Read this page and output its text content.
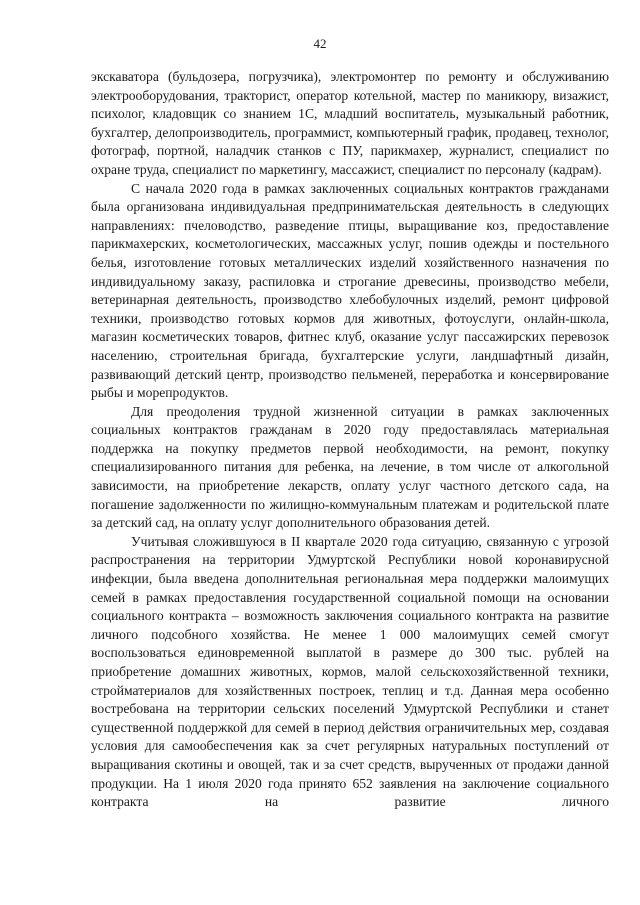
42

экскаватора (бульдозера, погрузчика), электромонтер по ремонту и обслуживанию электрооборудования, тракторист, оператор котельной, мастер по маникюру, визажист, психолог, кладовщик со знанием 1С, младший воспитатель, музыкальный работник, бухгалтер, делопроизводитель, программист, компьютерный график, продавец, технолог, фотограф, портной, наладчик станков с ПУ, парикмахер, журналист, специалист по охране труда, специалист по маркетингу, массажист, специалист по персоналу (кадрам).

С начала 2020 года в рамках заключенных социальных контрактов гражданами была организована индивидуальная предпринимательская деятельность в следующих направлениях: пчеловодство, разведение птицы, выращивание коз, предоставление парикмахерских, косметологических, массажных услуг, пошив одежды и постельного белья, изготовление готовых металлических изделий хозяйственного назначения по индивидуальному заказу, распиловка и строгание древесины, производство мебели, ветеринарная деятельность, производство хлебобулочных изделий, ремонт цифровой техники, производство готовых кормов для животных, фотоуслуги, онлайн-школа, магазин косметических товаров, фитнес клуб, оказание услуг пассажирских перевозок населению, строительная бригада, бухгалтерские услуги, ландшафтный дизайн, развивающий детский центр, производство пельменей, переработка и консервирование рыбы и морепродуктов.

Для преодоления трудной жизненной ситуации в рамках заключенных социальных контрактов гражданам в 2020 году предоставлялась материальная поддержка на покупку предметов первой необходимости, на ремонт, покупку специализированного питания для ребенка, на лечение, в том числе от алкогольной зависимости, на приобретение лекарств, оплату услуг частного детского сада, на погашение задолженности по жилищно-коммунальным платежам и родительской плате за детский сад, на оплату услуг дополнительного образования детей.

Учитывая сложившуюся в II квартале 2020 года ситуацию, связанную с угрозой распространения на территории Удмуртской Республики новой коронавирусной инфекции, была введена дополнительная региональная мера поддержки малоимущих семей в рамках предоставления государственной социальной помощи на основании социального контракта – возможность заключения социального контракта на развитие личного подсобного хозяйства. Не менее 1 000 малоимущих семей смогут воспользоваться единовременной выплатой в размере до 300 тыс. рублей на приобретение домашних животных, кормов, малой сельскохозяйственной техники, стройматериалов для хозяйственных построек, теплиц и т.д. Данная мера особенно востребована на территории сельских поселений Удмуртской Республики и станет существенной поддержкой для семей в период действия ограничительных мер, создавая условия для самообеспечения как за счет регулярных натуральных поступлений от выращивания скотины и овощей, так и за счет средств, вырученных от продажи данной продукции. На 1 июля 2020 года принято 652 заявления на заключение социального контракта на развитие личного
